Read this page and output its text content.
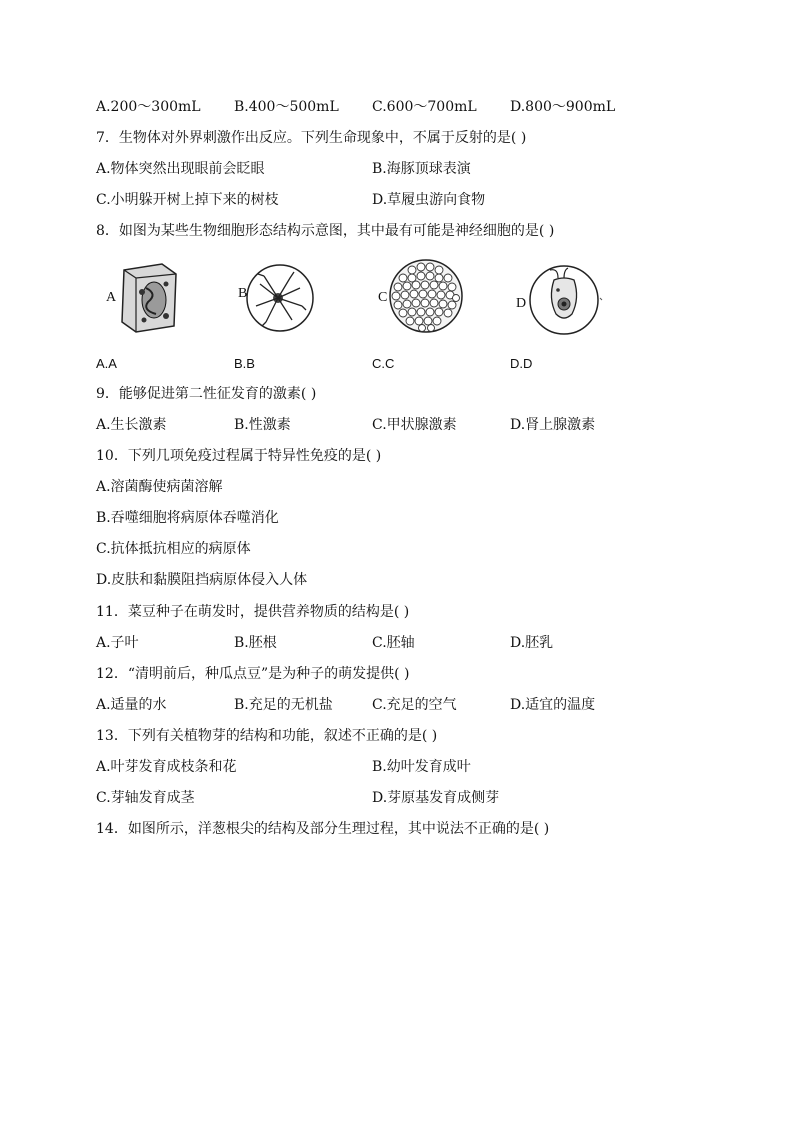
A.200～300mL B.400～500mL C.600～700mL D.800～900mL
7．生物体对外界刺激作出反应。下列生命现象中，不属于反射的是( )
A.物体突然出现眼前会眨眼	B.海豚顶球表演
C.小明躲开树上掉下来的树枝	D.草履虫游向食物
8．如图为某些生物细胞形态结构示意图，其中最有可能是神经细胞的是( )
A	B	C	D
A.A	B.B	C.C	D.D
9．能够促进第二性征发育的激素( )
A.生长激素	B.性激素	C.甲状腺激素	D.肾上腺激素
10．下列几项免疫过程属于特异性免疫的是( )
A.溶菌酶使病菌溶解
B.吞噬细胞将病原体吞噬消化
C.抗体抵抗相应的病原体
D.皮肤和黏膜阻挡病原体侵入人体
11．菜豆种子在萌发时，提供营养物质的结构是( )
A.子叶	B.胚根	C.胚轴	D.胚乳
12．“清明前后，种瓜点豆”是为种子的萌发提供( )
A.适量的水	B.充足的无机盐	C.充足的空气	D.适宜的温度
13．下列有关植物芽的结构和功能，叙述不正确的是( )
A.叶芽发育成枝条和花	B.幼叶发育成叶
C.芽轴发育成茎	D.芽原基发育成侧芽
14．如图所示，洋葱根尖的结构及部分生理过程，其中说法不正确的是( )
